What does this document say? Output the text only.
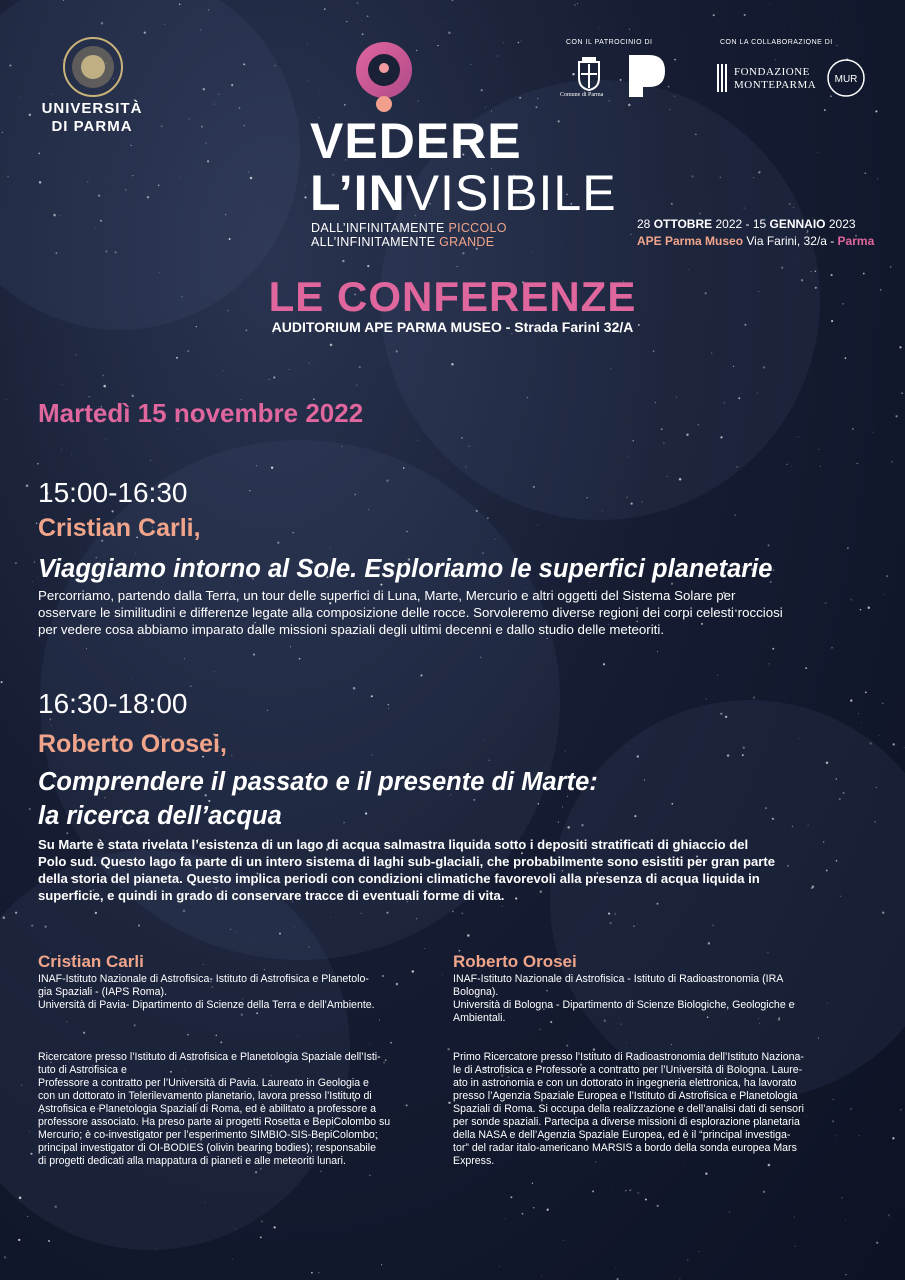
UNIVERSITÀ
DI PARMA	VEDERE
L’INVISIBILE
DALL’INFINITAMENTE PICCOLO
ALL’INFINITAMENTE GRANDE
CON IL PATROCINIO DI
Comune di Parma
CON LA COLLABORAZIONE DI
FONDAZIONE
MONTEPARMA MUR
28 OTTOBRE 2022 - 15 GENNAIO 2023
APE Parma Museo Via Farini, 32/a - Parma
LE CONFERENZE
AUDITORIUM APE PARMA MUSEO - Strada Farini 32/A
Martedì 15 novembre 2022
15:00-16:30
Cristian Carli,
Viaggiamo intorno al Sole. Esploriamo le superfici planetarie
Percorriamo, partendo dalla Terra, un tour delle superfici di Luna, Marte, Mercurio e altri oggetti del Sistema Solare per
osservare le similitudini e differenze legate alla composizione delle rocce. Sorvoleremo diverse regioni dei corpi celesti rocciosi
per vedere cosa abbiamo imparato dalle missioni spaziali degli ultimi decenni e dallo studio delle meteoriti.
16:30-18:00
Roberto Orosei,
Comprendere il passato e il presente di Marte:
la ricerca dell’acqua
Su Marte è stata rivelata l’esistenza di un lago di acqua salmastra liquida sotto i depositi stratificati di ghiaccio del
Polo sud. Questo lago fa parte di un intero sistema di laghi sub-glaciali, che probabilmente sono esistiti per gran parte
della storia del pianeta. Questo implica periodi con condizioni climatiche favorevoli alla presenza di acqua liquida in
superficie, e quindi in grado di conservare tracce di eventuali forme di vita.
Cristian Carli
INAF-Istituto Nazionale di Astrofisica- Istituto di Astrofisica e Planetolo-
gia Spaziali - (IAPS Roma).
Università di Pavia- Dipartimento di Scienze della Terra e dell’Ambiente.
Ricercatore presso l’Istituto di Astrofisica e Planetologia Spaziale dell’Isti-
tuto di Astrofisica e
Professore a contratto per l’Università di Pavia. Laureato in Geologia e
con un dottorato in Telerilevamento planetario, lavora presso l’Istituto di
Astrofisica e Planetologia Spaziali di Roma, ed è abilitato a professore a
professore associato. Ha preso parte ai progetti Rosetta e BepiColombo su
Mercurio; è co-investigator per l’esperimento SIMBIO-SIS-BepiColombo;
principal investigator di OI-BODIES (olivin bearing bodies); responsabile
di progetti dedicati alla mappatura di pianeti e alle meteoriti lunari.
Roberto Orosei
INAF-Istituto Nazionale di Astrofisica - Istituto di Radioastronomia (IRA
Bologna).
Università di Bologna - Dipartimento di Scienze Biologiche, Geologiche e
Ambientali.
Primo Ricercatore presso l’Istituto di Radioastronomia dell’Istituto Naziona-
le di Astrofisica e Professore a contratto per l’Università di Bologna. Laure-
ato in astronomia e con un dottorato in ingegneria elettronica, ha lavorato
presso l’Agenzia Spaziale Europea e l’Istituto di Astrofisica e Planetologia
Spaziali di Roma. Si occupa della realizzazione e dell’analisi dati di sensori
per sonde spaziali. Partecipa a diverse missioni di esplorazione planetaria
della NASA e dell’Agenzia Spaziale Europea, ed è il “principal investiga-
tor” del radar italo-americano MARSIS a bordo della sonda europea Mars
Express.
